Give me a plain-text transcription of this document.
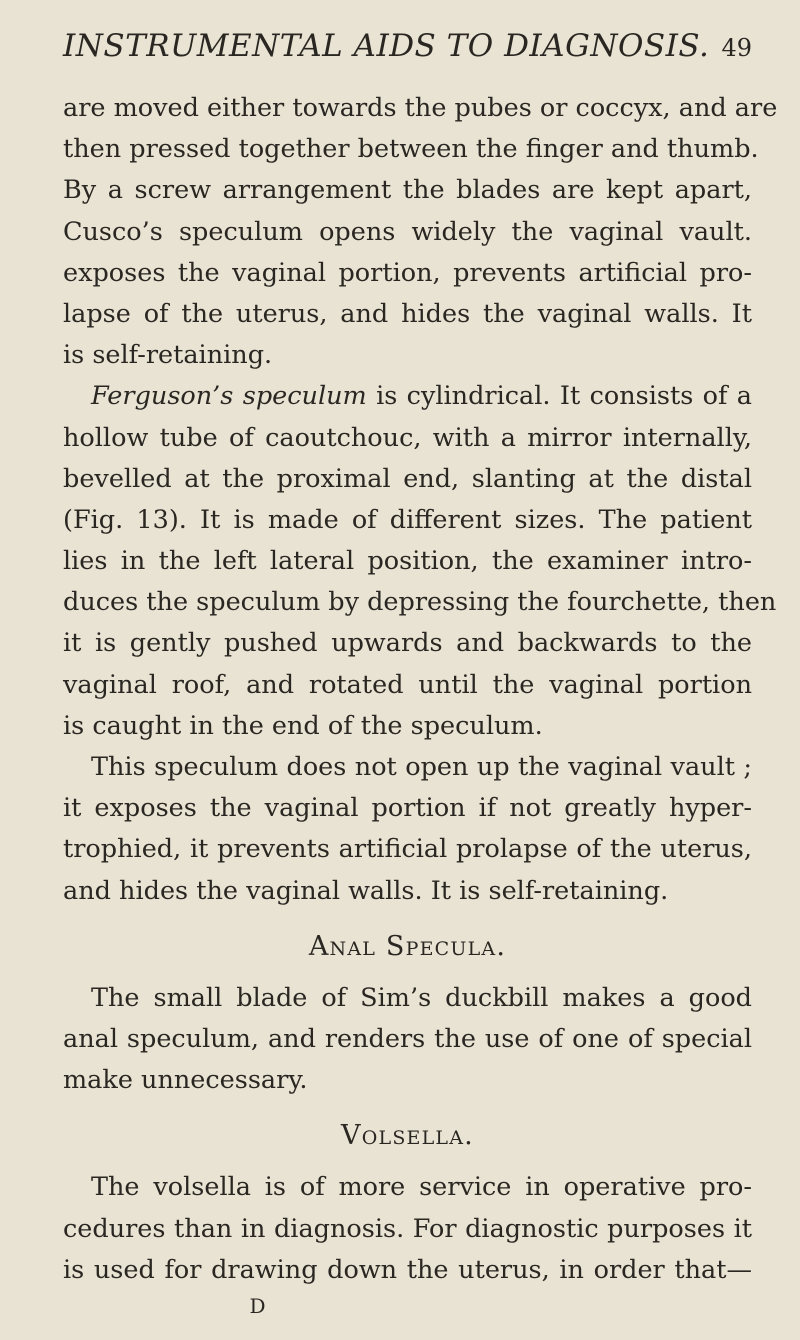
INSTRUMENTAL AIDS TO DIAGNOSIS. 49
are moved either towards the pubes or coccyx, and are
then pressed together between the finger and thumb.
By a screw arrangement the blades are kept apart,
Cusco’s speculum opens widely the vaginal vault.
exposes the vaginal portion, prevents artificial pro-
lapse of the uterus, and hides the vaginal walls. It
is self-retaining.
Ferguson’s speculum is cylindrical. It consists of a
hollow tube of caoutchouc, with a mirror internally,
bevelled at the proximal end, slanting at the distal
(Fig. 13). It is made of different sizes. The patient
lies in the left lateral position, the examiner intro-
duces the speculum by depressing the fourchette, then
it is gently pushed upwards and backwards to the
vaginal roof, and rotated until the vaginal portion
is caught in the end of the speculum.
This speculum does not open up the vaginal vault ;
it exposes the vaginal portion if not greatly hyper-
trophied, it prevents artificial prolapse of the uterus,
and hides the vaginal walls. It is self-retaining.
Anal Specula.
The small blade of Sim’s duckbill makes a good
anal speculum, and renders the use of one of special
make unnecessary.
Volsella.
The volsella is of more service in operative pro-
cedures than in diagnosis. For diagnostic purposes it
is used for drawing down the uterus, in order that—
D
